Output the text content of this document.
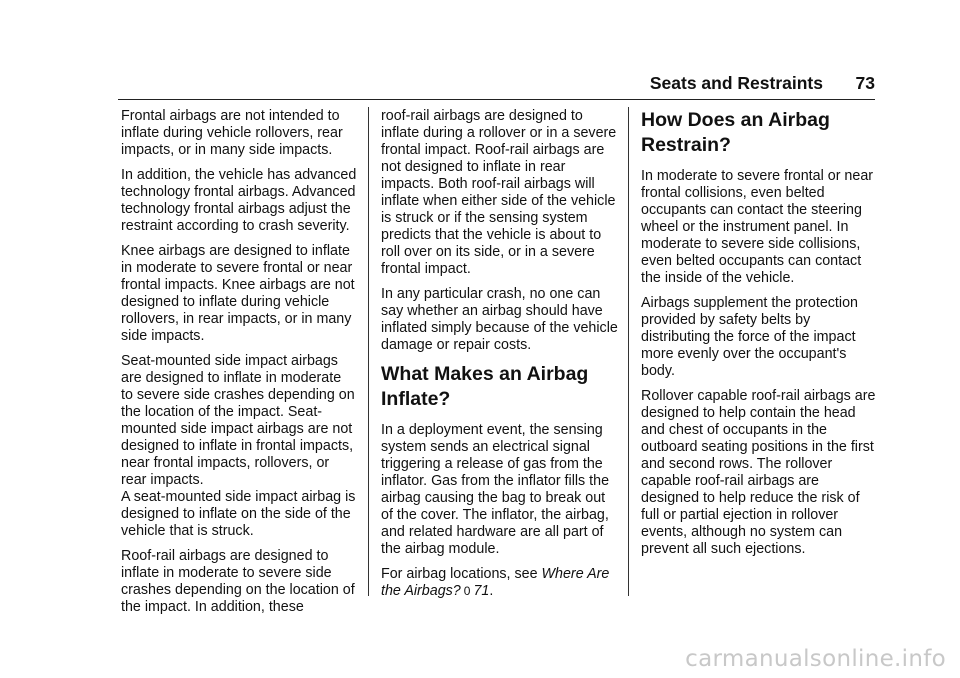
Seats and Restraints 73

Frontal airbags are not intended to inflate during vehicle rollovers, rear impacts, or in many side impacts.

In addition, the vehicle has advanced technology frontal airbags. Advanced technology frontal airbags adjust the restraint according to crash severity.

Knee airbags are designed to inflate in moderate to severe frontal or near frontal impacts. Knee airbags are not designed to inflate during vehicle rollovers, in rear impacts, or in many side impacts.

Seat-mounted side impact airbags are designed to inflate in moderate to severe side crashes depending on the location of the impact. Seat-mounted side impact airbags are not designed to inflate in frontal impacts, near frontal impacts, rollovers, or rear impacts.

A seat-mounted side impact airbag is designed to inflate on the side of the vehicle that is struck.

Roof-rail airbags are designed to inflate in moderate to severe side crashes depending on the location of the impact. In addition, these

roof-rail airbags are designed to inflate during a rollover or in a severe frontal impact. Roof-rail airbags are not designed to inflate in rear impacts. Both roof-rail airbags will inflate when either side of the vehicle is struck or if the sensing system predicts that the vehicle is about to roll over on its side, or in a severe frontal impact.

In any particular crash, no one can say whether an airbag should have inflated simply because of the vehicle damage or repair costs.

What Makes an Airbag Inflate?

In a deployment event, the sensing system sends an electrical signal triggering a release of gas from the inflator. Gas from the inflator fills the airbag causing the bag to break out of the cover. The inflator, the airbag, and related hardware are all part of the airbag module.

For airbag locations, see Where Are the Airbags? 0 71.

How Does an Airbag Restrain?

In moderate to severe frontal or near frontal collisions, even belted occupants can contact the steering wheel or the instrument panel. In moderate to severe side collisions, even belted occupants can contact the inside of the vehicle.

Airbags supplement the protection provided by safety belts by distributing the force of the impact more evenly over the occupant's body.

Rollover capable roof-rail airbags are designed to help contain the head and chest of occupants in the outboard seating positions in the first and second rows. The rollover capable roof-rail airbags are designed to help reduce the risk of full or partial ejection in rollover events, although no system can prevent all such ejections.

carmanualsonline.info
